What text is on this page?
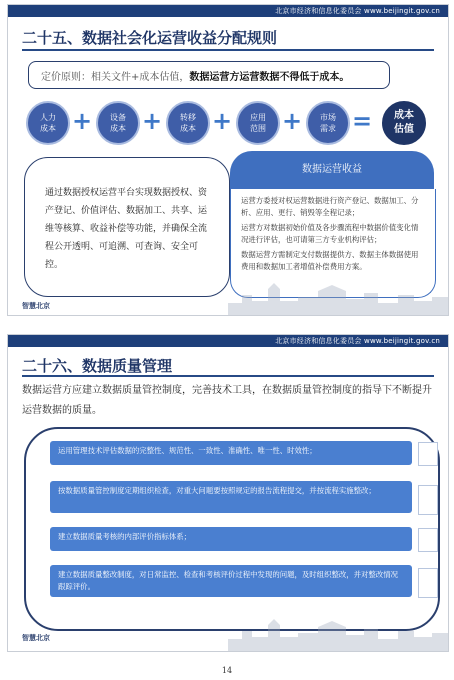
北京市经济和信息化委员会 www.beijingit.gov.cn
二十五、数据社会化运营收益分配规则
定价原则：相关文件+成本估值，数据运营方运营数据不得低于成本。
人力
成本 + 设备
成本 + 转移
成本 + 应用
范围 + 市场
需求 = 成本
估值

通过数据授权运营平台实现数据授权、资产登记、价值评估、数据加工、共享、运维等核算、收益补偿等功能，并确保全流程公开透明、可追溯、可查询、安全可控。

数据运营收益

运营方委授对权运营数据进行资产登记、数据加工、分析、应用、更行、销毁等全程记录；

运营方对数据初始价值及各步骤流程中数据价值变化情况进行评估，也可请第三方专业机构评估；

数据运营方需制定支付数据提供方、数据主体数据使用费用和数据加工者增值补偿费用方案。

智慧北京
北京市经济和信息化委员会 www.beijingit.gov.cn
二十六、数据质量管理

数据运营方应建立数据质量管控制度，完善技术工具，在数据质量管控制度的指导下不断提升运营数据的质量。

运用管理技术评估数据的完整性、规范性、一致性、准确性、唯一性、时效性；
按数据质量管控制度定期组织检查，对重大问题要按照规定的报告流程提交，并按流程实施整改；
建立数据质量考核的内部评价指标体系；
建立数据质量整改制度，对日常监控、检查和考核评价过程中发现的问题，及时组织整改，并对整改情况跟踪评价。
智慧北京
14
